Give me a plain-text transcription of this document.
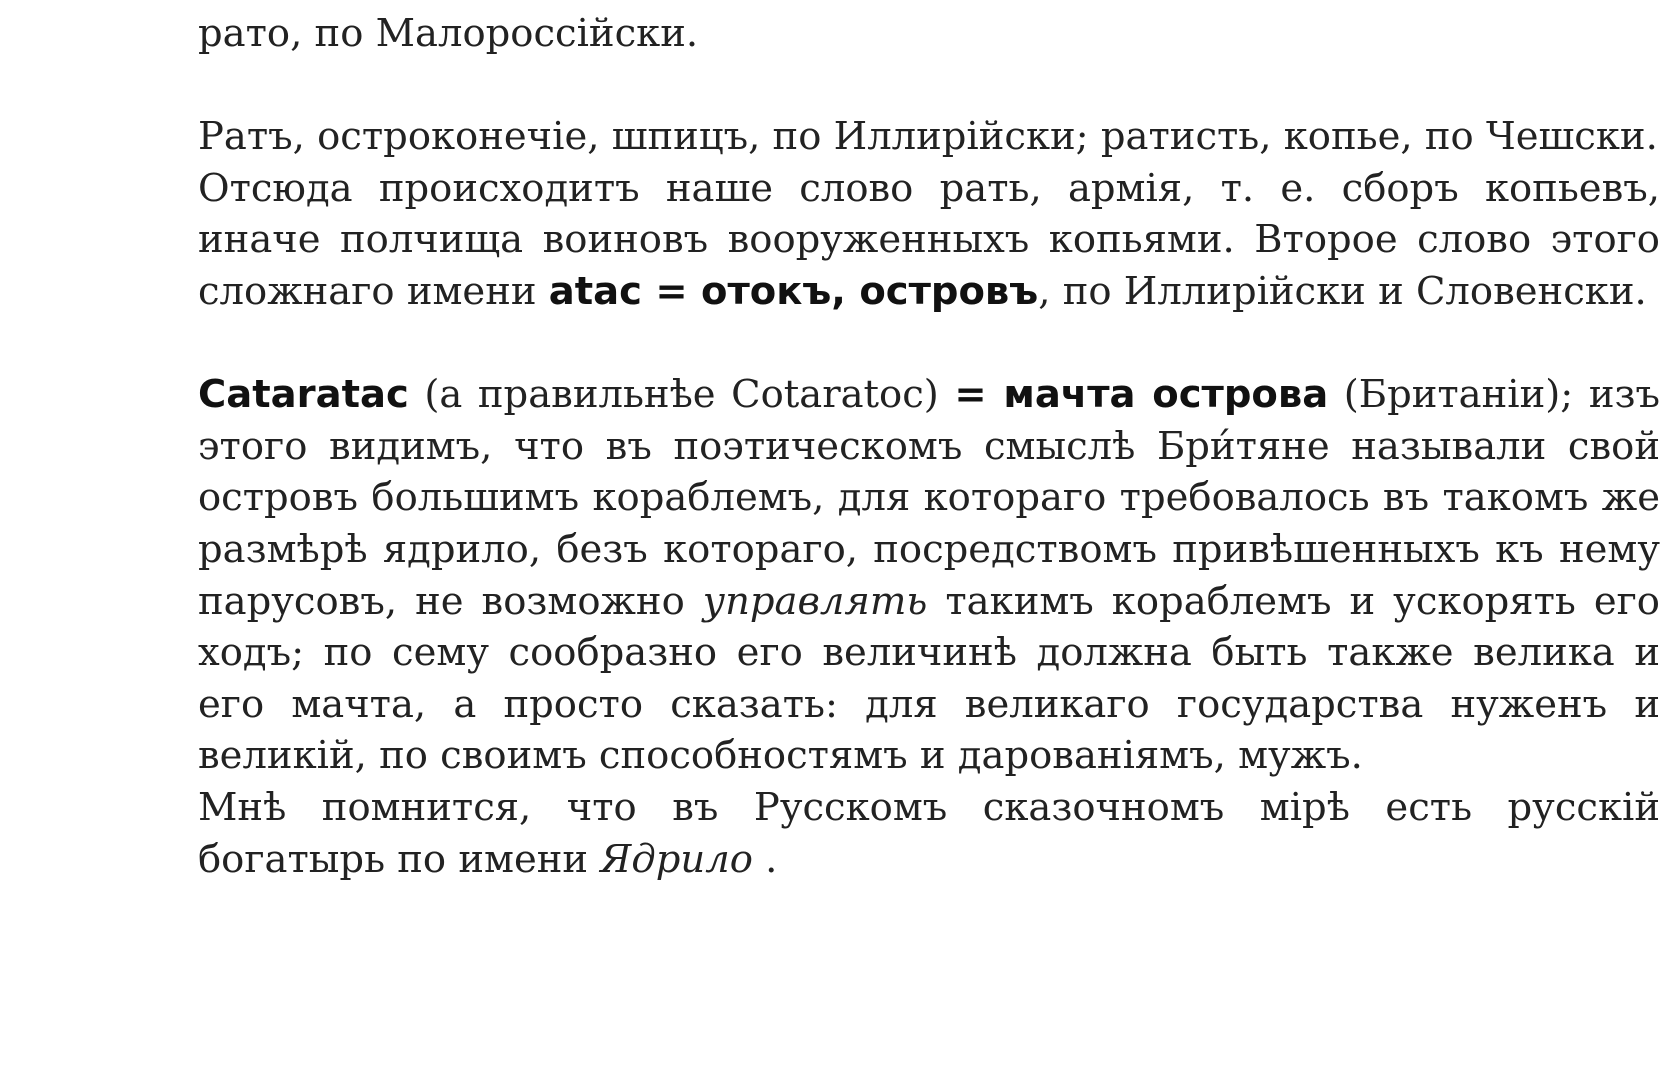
рато, по Малороссійски.

Ратъ, остроконечіе, шпицъ, по Иллирійски; ратисть, копье, по Чешски.

Отсюда происходитъ наше слово рать, армія, т. е. сборъ копьевъ, иначе полчища воиновъ вооруженныхъ копьями. Второе слово этого сложнаго имени atac = отокъ, островъ, по Иллирійски и Словенски.

Cataratac (а правильнѣе Cotaratoc) = мачта острова (Британіи); изъ этого видимъ, что въ поэтическомъ смыслѣ Бри́тяне называли свой островъ большимъ кораблемъ, для котораго требовалось въ такомъ же размѣрѣ ядрило, безъ котораго, посредствомъ привѣшенныхъ къ нему парусовъ, не возможно управлять такимъ кораблемъ и ускорять его ходъ; по сему сообразно его величинѣ должна быть также велика и его мачта, а просто сказать: для великаго государства нуженъ и великій, по своимъ способностямъ и дарованіямъ, мужъ.

Мнѣ помнится, что въ Русскомъ сказочномъ мірѣ есть русскій богатырь по имени Ядрило .
